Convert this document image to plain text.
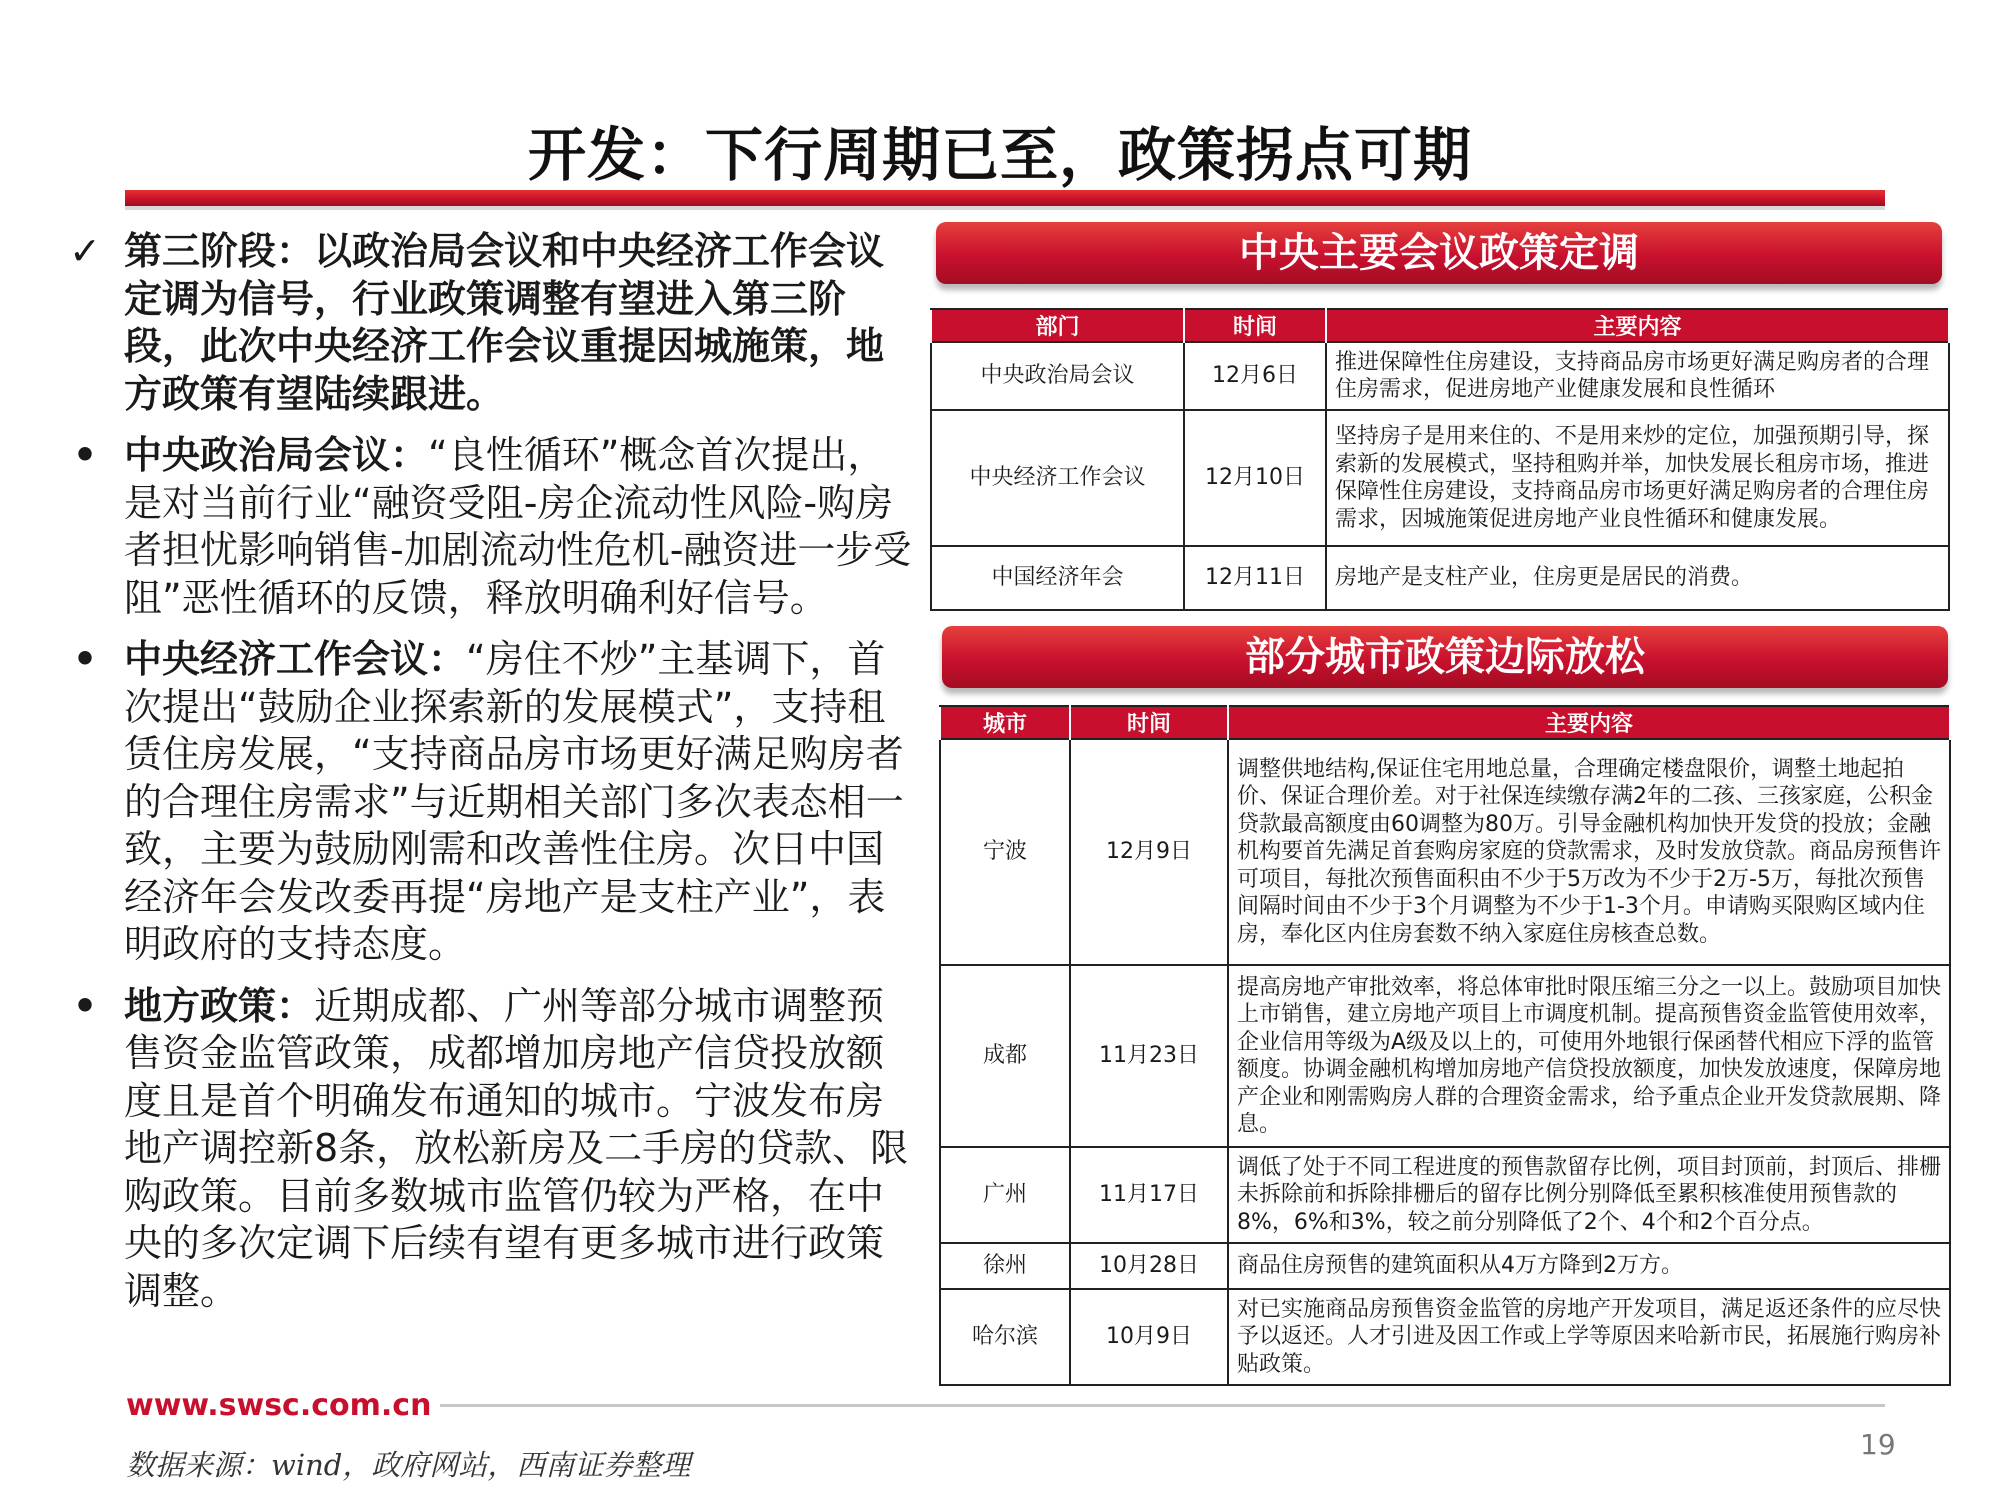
开发：下行周期已至，政策拐点可期
✓ 第三阶段：以政治局会议和中央经济工作会议定调为信号，行业政策调整有望进入第三阶段，此次中央经济工作会议重提因城施策，地方政策有望陆续跟进。
• 中央政治局会议：“良性循环”概念首次提出，是对当前行业“融资受阻-房企流动性风险-购房者担忧影响销售-加剧流动性危机-融资进一步受阻”恶性循环的反馈，释放明确利好信号。
• 中央经济工作会议：“房住不炒”主基调下，首次提出“鼓励企业探索新的发展模式”，支持租赁住房发展，“支持商品房市场更好满足购房者的合理住房需求”与近期相关部门多次表态相一致，主要为鼓励刚需和改善性住房。次日中国经济年会发改委再提“房地产是支柱产业”，表明政府的支持态度。
• 地方政策：近期成都、广州等部分城市调整预售资金监管政策，成都增加房地产信贷投放额度且是首个明确发布通知的城市。宁波发布房地产调控新8条，放松新房及二手房的贷款、限购政策。目前多数城市监管仍较为严格，在中央的多次定调下后续有望有更多城市进行政策调整。
中央主要会议政策定调
部门	时间	主要内容
中央政治局会议	12月6日	推进保障性住房建设，支持商品房市场更好满足购房者的合理住房需求，促进房地产业健康发展和良性循环
中央经济工作会议	12月10日	坚持房子是用来住的、不是用来炒的定位，加强预期引导，探索新的发展模式，坚持租购并举，加快发展长租房市场，推进保障性住房建设，支持商品房市场更好满足购房者的合理住房需求，因城施策促进房地产业良性循环和健康发展。
中国经济年会	12月11日	房地产是支柱产业，住房更是居民的消费。
部分城市政策边际放松
城市	时间	主要内容
宁波	12月9日	调整供地结构,保证住宅用地总量，合理确定楼盘限价，调整土地起拍价、保证合理价差。对于社保连续缴存满2年的二孩、三孩家庭，公积金贷款最高额度由60调整为80万。引导金融机构加快开发贷的投放；金融机构要首先满足首套购房家庭的贷款需求，及时发放贷款。商品房预售许可项目，每批次预售面积由不少于5万改为不少于2万-5万，每批次预售间隔时间由不少于3个月调整为不少于1-3个月。申请购买限购区域内住房，奉化区内住房套数不纳入家庭住房核查总数。
成都	11月23日	提高房地产审批效率，将总体审批时限压缩三分之一以上。鼓励项目加快上市销售，建立房地产项目上市调度机制。提高预售资金监管使用效率，企业信用等级为A级及以上的，可使用外地银行保函替代相应下浮的监管额度。协调金融机构增加房地产信贷投放额度，加快发放速度，保障房地产企业和刚需购房人群的合理资金需求，给予重点企业开发贷款展期、降息。
广州	11月17日	调低了处于不同工程进度的预售款留存比例，项目封顶前，封顶后、排栅未拆除前和拆除排栅后的留存比例分别降低至累积核准使用预售款的8%，6%和3%，较之前分别降低了2个、4个和2个百分点。
徐州	10月28日	商品住房预售的建筑面积从4万方降到2万方。
哈尔滨	10月9日	对已实施商品房预售资金监管的房地产开发项目，满足返还条件的应尽快予以返还。人才引进及因工作或上学等原因来哈新市民，拓展施行购房补贴政策。
www.swsc.com.cn
数据来源：wind，政府网站，西南证券整理
19
